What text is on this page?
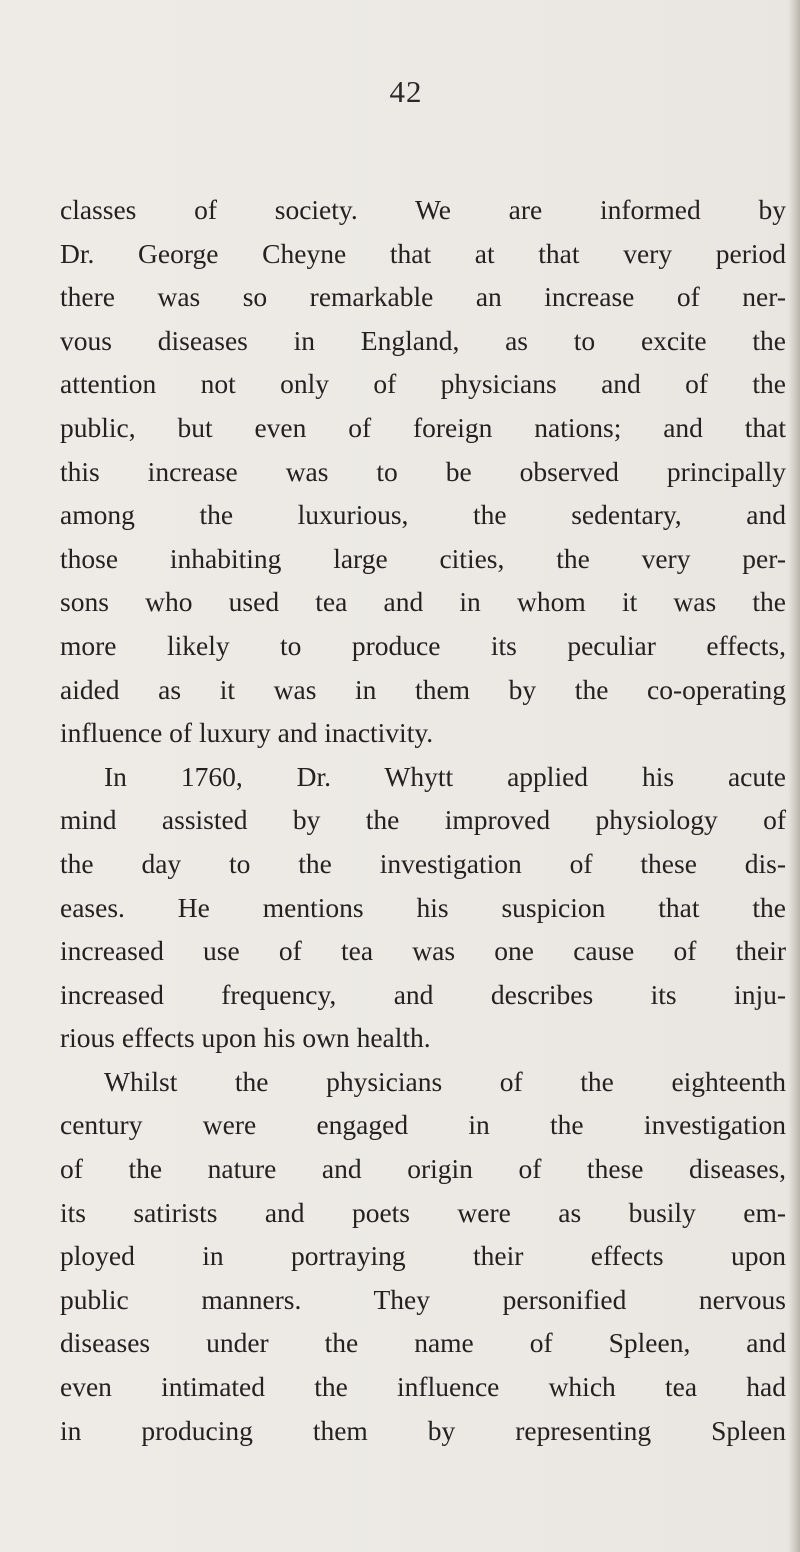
42
classes of society. We are informed by
Dr. George Cheyne that at that very period
there was so remarkable an increase of ner-
vous diseases in England, as to excite the
attention not only of physicians and of the
public, but even of foreign nations; and that
this increase was to be observed principally
among the luxurious, the sedentary, and
those inhabiting large cities, the very per-
sons who used tea and in whom it was the
more likely to produce its peculiar effects,
aided as it was in them by the co-operating
influence of luxury and inactivity.
In 1760, Dr. Whytt applied his acute
mind assisted by the improved physiology of
the day to the investigation of these dis-
eases. He mentions his suspicion that the
increased use of tea was one cause of their
increased frequency, and describes its inju-
rious effects upon his own health.
Whilst the physicians of the eighteenth
century were engaged in the investigation
of the nature and origin of these diseases,
its satirists and poets were as busily em-
ployed in portraying their effects upon
public manners. They personified nervous
diseases under the name of Spleen, and
even intimated the influence which tea had
in producing them by representing Spleen
